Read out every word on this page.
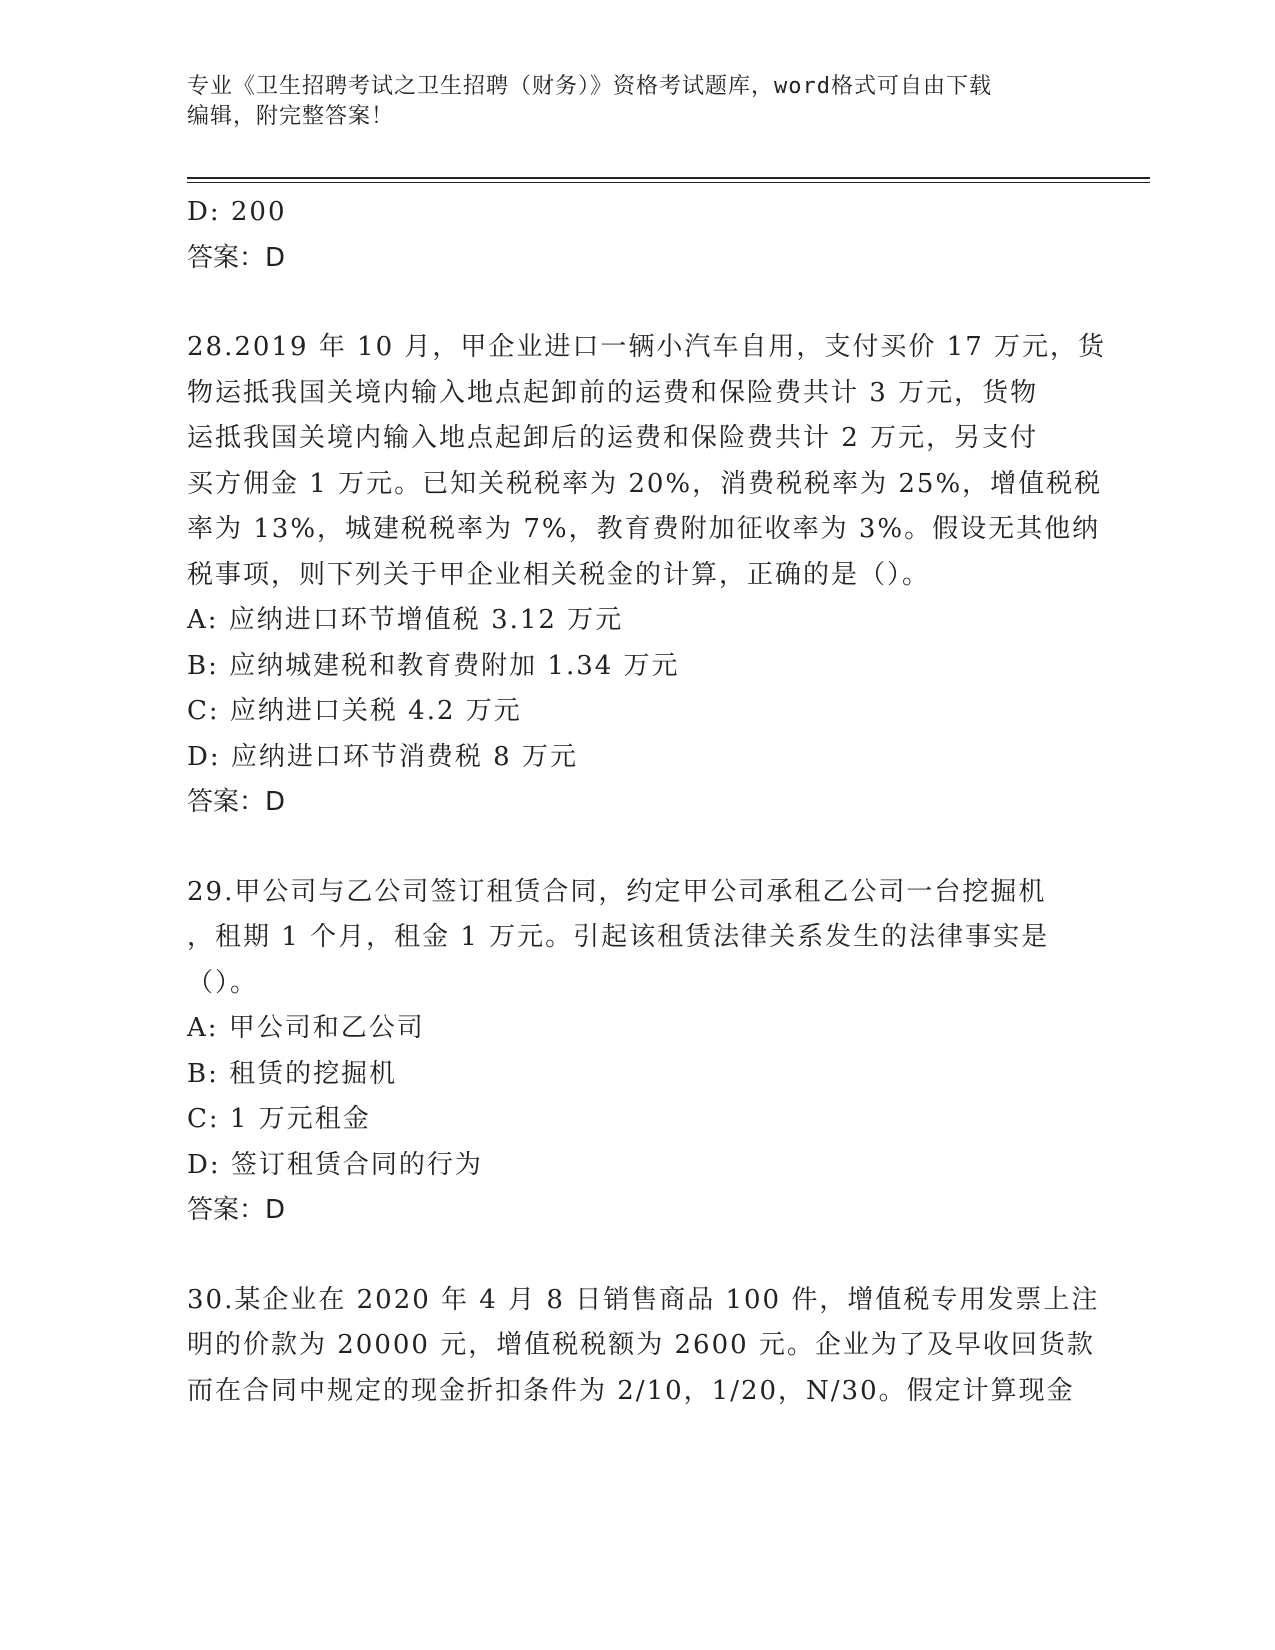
专业《卫生招聘考试之卫生招聘（财务）》资格考试题库，word格式可自由下载
编辑，附完整答案！
D: 200
答案：D
28.2019 年 10 月，甲企业进口一辆小汽车自用，支付买价 17 万元，货
物运抵我国关境内输入地点起卸前的运费和保险费共计 3 万元，货物
运抵我国关境内输入地点起卸后的运费和保险费共计 2 万元，另支付
买方佣金 1 万元。已知关税税率为 20%，消费税税率为 25%，增值税税
率为 13%，城建税税率为 7%，教育费附加征收率为 3%。假设无其他纳
税事项，则下列关于甲企业相关税金的计算，正确的是（）。
A: 应纳进口环节增值税 3.12 万元
B: 应纳城建税和教育费附加 1.34 万元
C: 应纳进口关税 4.2 万元
D: 应纳进口环节消费税 8 万元
答案：D
29.甲公司与乙公司签订租赁合同，约定甲公司承租乙公司一台挖掘机
，租期 1 个月，租金 1 万元。引起该租赁法律关系发生的法律事实是
（）。
A: 甲公司和乙公司
B: 租赁的挖掘机
C: 1 万元租金
D: 签订租赁合同的行为
答案：D
30.某企业在 2020 年 4 月 8 日销售商品 100 件，增值税专用发票上注
明的价款为 20000 元，增值税税额为 2600 元。企业为了及早收回货款
而在合同中规定的现金折扣条件为 2/10，1/20，N/30。假定计算现金
